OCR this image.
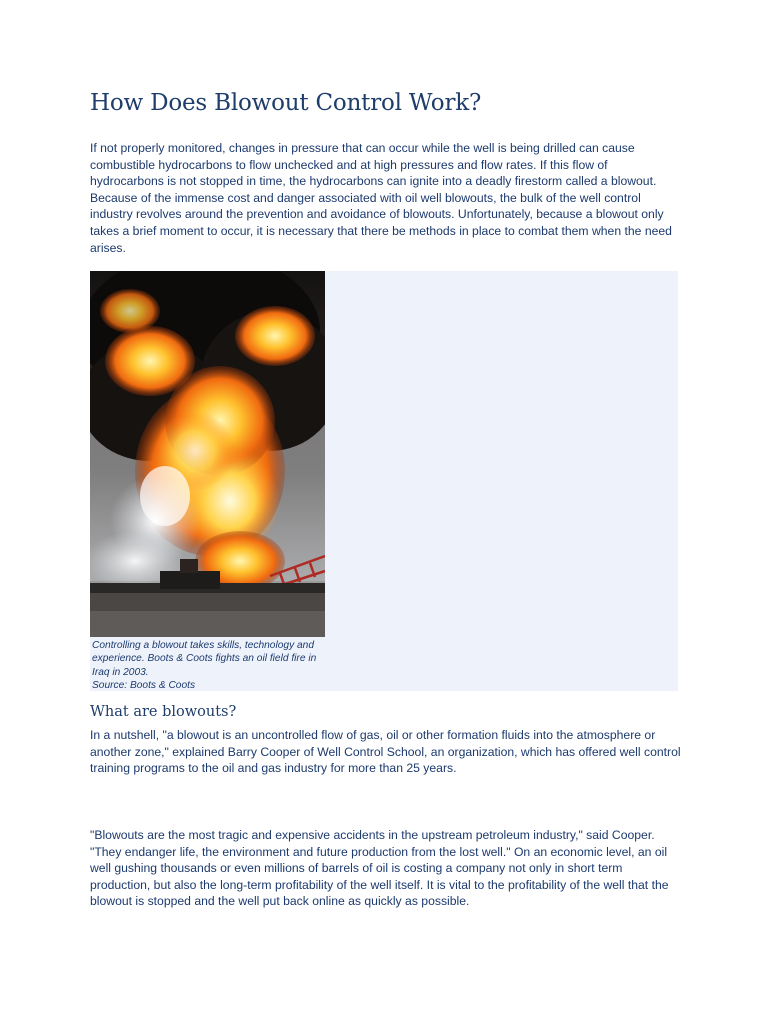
How Does Blowout Control Work?

If not properly monitored, changes in pressure that can occur while the well is being drilled can cause combustible hydrocarbons to flow unchecked and at high pressures and flow rates. If this flow of hydrocarbons is not stopped in time, the hydrocarbons can ignite into a deadly firestorm called a blowout. Because of the immense cost and danger associated with oil well blowouts, the bulk of the well control industry revolves around the prevention and avoidance of blowouts. Unfortunately, because a blowout only takes a brief moment to occur, it is necessary that there be methods in place to combat them when the need arises.

Controlling a blowout takes skills, technology and experience. Boots & Coots fights an oil field fire in Iraq in 2003.
Source: Boots & Coots

What are blowouts?

In a nutshell, "a blowout is an uncontrolled flow of gas, oil or other formation fluids into the atmosphere or another zone," explained Barry Cooper of Well Control School, an organization, which has offered well control training programs to the oil and gas industry for more than 25 years.

"Blowouts are the most tragic and expensive accidents in the upstream petroleum industry," said Cooper. "They endanger life, the environment and future production from the lost well." On an economic level, an oil well gushing thousands or even millions of barrels of oil is costing a company not only in short term production, but also the long-term profitability of the well itself. It is vital to the profitability of the well that the blowout is stopped and the well put back online as quickly as possible.
